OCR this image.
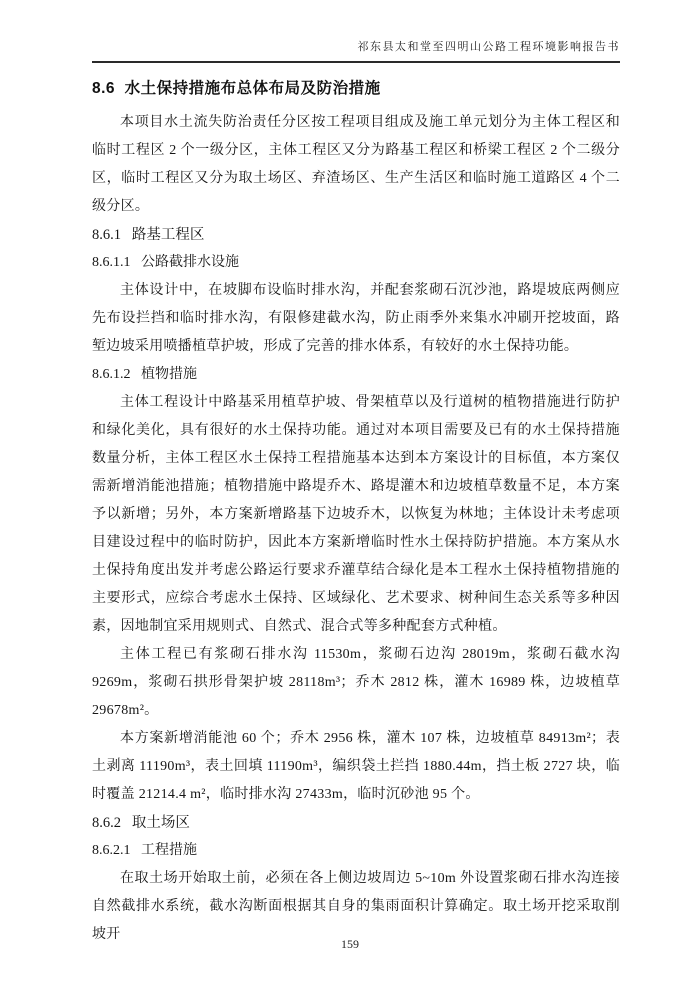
祁东县太和堂至四明山公路工程环境影响报告书
8.6  水土保持措施布总体布局及防治措施

本项目水土流失防治责任分区按工程项目组成及施工单元划分为主体工程区和临时工程区 2 个一级分区，主体工程区又分为路基工程区和桥梁工程区 2 个二级分区，临时工程区又分为取土场区、弃渣场区、生产生活区和临时施工道路区 4 个二级分区。

8.6.1   路基工程区
8.6.1.1   公路截排水设施

主体设计中，在坡脚布设临时排水沟，并配套浆砌石沉沙池，路堤坡底两侧应先布设拦挡和临时排水沟，有限修建截水沟，防止雨季外来集水冲刷开挖坡面，路堑边坡采用喷播植草护坡，形成了完善的排水体系，有较好的水土保持功能。

8.6.1.2   植物措施

主体工程设计中路基采用植草护坡、骨架植草以及行道树的植物措施进行防护和绿化美化，具有很好的水土保持功能。通过对本项目需要及已有的水土保持措施数量分析，主体工程区水土保持工程措施基本达到本方案设计的目标值，本方案仅需新增消能池措施；植物措施中路堤乔木、路堤灌木和边坡植草数量不足，本方案予以新增；另外，本方案新增路基下边坡乔木，以恢复为林地；主体设计未考虑项目建设过程中的临时防护，因此本方案新增临时性水土保持防护措施。本方案从水土保持角度出发并考虑公路运行要求乔灌草结合绿化是本工程水土保持植物措施的主要形式，应综合考虑水土保持、区域绿化、艺术要求、树种间生态关系等多种因素，因地制宜采用规则式、自然式、混合式等多种配套方式种植。

主体工程已有浆砌石排水沟 11530m，浆砌石边沟 28019m，浆砌石截水沟 9269m，浆砌石拱形骨架护坡 28118m³；乔木 2812 株，灌木 16989 株，边坡植草 29678m²。

本方案新增消能池 60 个；乔木 2956 株，灌木 107 株，边坡植草 84913m²；表土剥离 11190m³，表土回填 11190m³，编织袋土拦挡 1880.44m，挡土板 2727 块，临时覆盖 21214.4 m²，临时排水沟 27433m，临时沉砂池 95 个。

8.6.2   取土场区
8.6.2.1   工程措施

在取土场开始取土前，必须在各上侧边坡周边 5~10m 外设置浆砌石排水沟连接自然截排水系统，截水沟断面根据其自身的集雨面积计算确定。取土场开挖采取削坡开

159
